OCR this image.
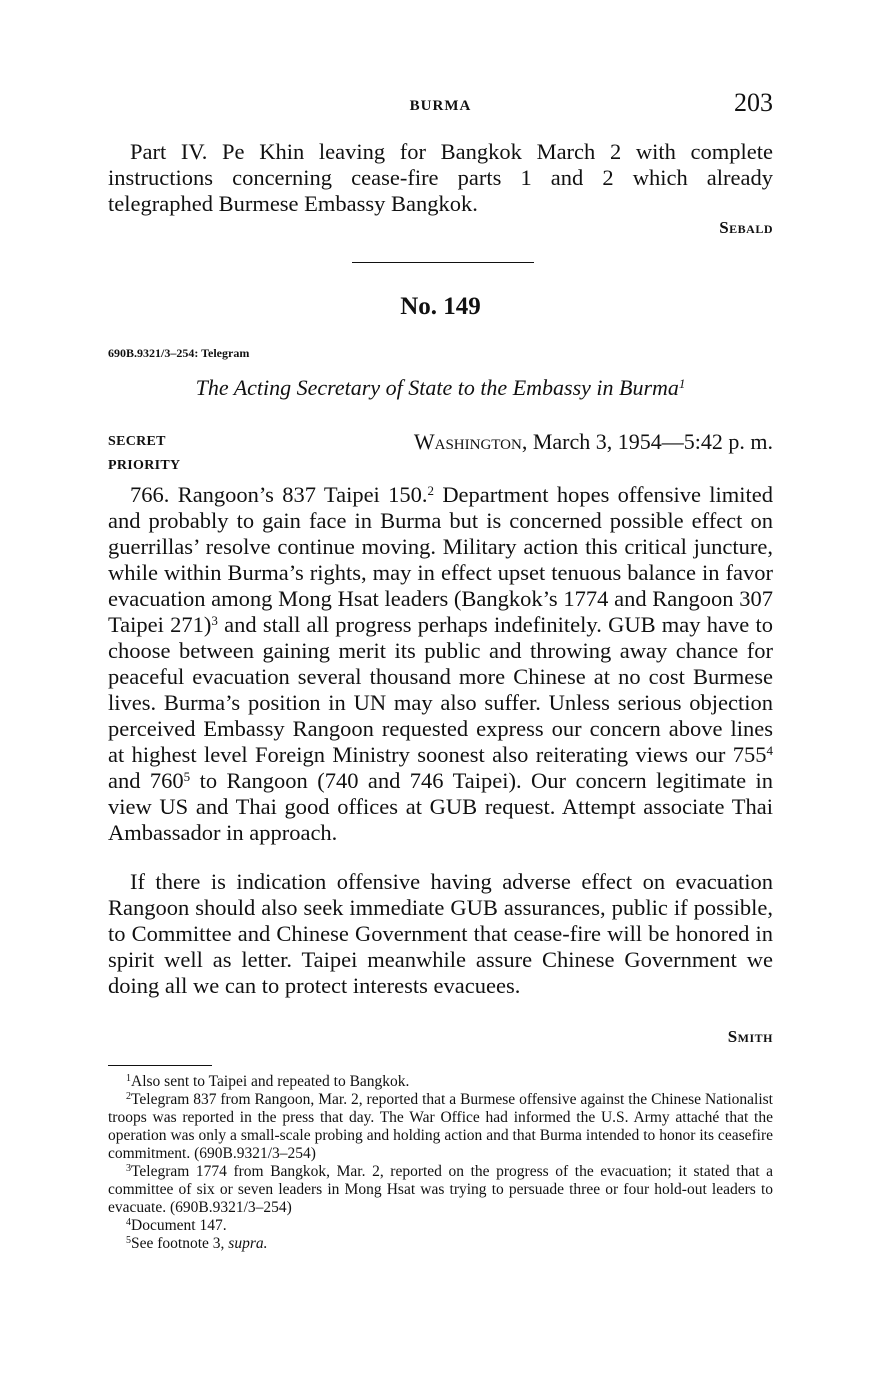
BURMA	203

Part IV. Pe Khin leaving for Bangkok March 2 with complete instructions concerning cease-fire parts 1 and 2 which already telegraphed Burmese Embassy Bangkok.

Sebald
No. 149
690B.9321/3–254: Telegram
The Acting Secretary of State to the Embassy in Burma$^1$
SECRET
PRIORITY
Washington, March 3, 1954—5:42 p. m.

766. Rangoon’s 837 Taipei 150.$^2$ Department hopes offensive limited and probably to gain face in Burma but is concerned possible effect on guerrillas’ resolve continue moving. Military action this critical juncture, while within Burma’s rights, may in effect upset tenuous balance in favor evacuation among Mong Hsat leaders (Bangkok’s 1774 and Rangoon 307 Taipei 271)$^3$ and stall all progress perhaps indefinitely. GUB may have to choose between gaining merit its public and throwing away chance for peaceful evacuation several thousand more Chinese at no cost Burmese lives. Burma’s position in UN may also suffer. Unless serious objection perceived Embassy Rangoon requested express our concern above lines at highest level Foreign Ministry soonest also reiterating views our $755^4$ and $760^5$ to Rangoon (740 and 746 Taipei). Our concern legitimate in view US and Thai good offices at GUB request. Attempt associate Thai Ambassador in approach.

If there is indication offensive having adverse effect on evacuation Rangoon should also seek immediate GUB assurances, public if possible, to Committee and Chinese Government that cease-fire will be honored in spirit well as letter. Taipei meanwhile assure Chinese Government we doing all we can to protect interests evacuees.

Smith

$^1$Also sent to Taipei and repeated to Bangkok.

$^2$Telegram 837 from Rangoon, Mar. 2, reported that a Burmese offensive against the Chinese Nationalist troops was reported in the press that day. The War Office had informed the U.S. Army attaché that the operation was only a small-scale probing and holding action and that Burma intended to honor its ceasefire commitment. (690B.9321/3–254)

$^3$Telegram 1774 from Bangkok, Mar. 2, reported on the progress of the evacuation; it stated that a committee of six or seven leaders in Mong Hsat was trying to persuade three or four hold-out leaders to evacuate. (690B.9321/3–254)

$^4$Document 147.

$^5$See footnote 3, supra.
